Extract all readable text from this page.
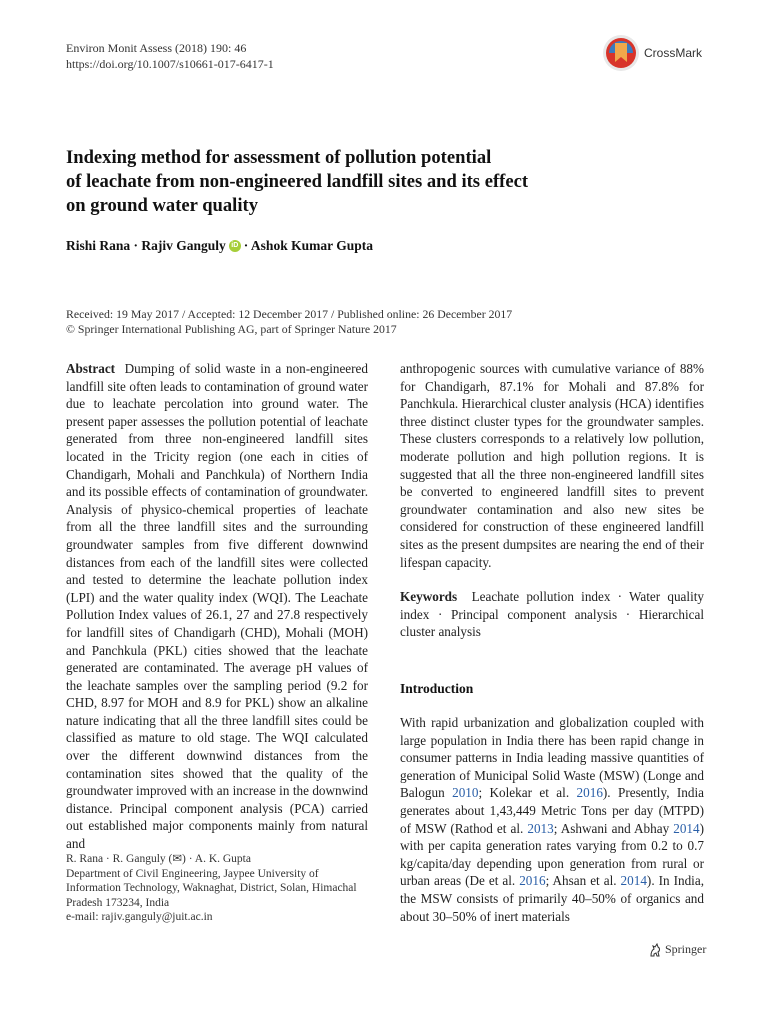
Environ Monit Assess (2018) 190: 46
https://doi.org/10.1007/s10661-017-6417-1
CrossMark
Indexing method for assessment of pollution potential
of leachate from non-engineered landfill sites and its effect
on ground water quality
Rishi Rana · Rajiv Ganguly iD · Ashok Kumar Gupta
Received: 19 May 2017 / Accepted: 12 December 2017 / Published online: 26 December 2017
© Springer International Publishing AG, part of Springer Nature 2017
Abstract Dumping of solid waste in a non-engineered landfill site often leads to contamination of ground water due to leachate percolation into ground water. The present paper assesses the pollution potential of leachate generated from three non-engineered landfill sites located in the Tricity region (one each in cities of Chandigarh, Mohali and Panchkula) of Northern India and its possible effects of contamination of groundwater. Analysis of physico-chemical properties of leachate from all the three landfill sites and the surrounding groundwater samples from five different downwind distances from each of the landfill sites were collected and tested to determine the leachate pollution index (LPI) and the water quality index (WQI). The Leachate Pollution Index values of 26.1, 27 and 27.8 respectively for landfill sites of Chandigarh (CHD), Mohali (MOH) and Panchkula (PKL) cities showed that the leachate generated are contaminated. The average pH values of the leachate samples over the sampling period (9.2 for CHD, 8.97 for MOH and 8.9 for PKL) show an alkaline nature indicating that all the three landfill sites could be classified as mature to old stage. The WQI calculated over the different downwind distances from the contamination sites showed that the quality of the groundwater improved with an increase in the downwind distance. Principal component analysis (PCA) carried out established major components mainly from natural and
anthropogenic sources with cumulative variance of 88% for Chandigarh, 87.1% for Mohali and 87.8% for Panchkula. Hierarchical cluster analysis (HCA) identifies three distinct cluster types for the groundwater samples. These clusters corresponds to a relatively low pollution, moderate pollution and high pollution regions. It is suggested that all the three non-engineered landfill sites be converted to engineered landfill sites to prevent groundwater contamination and also new sites be considered for construction of these engineered landfill sites as the present dumpsites are nearing the end of their lifespan capacity.
Keywords Leachate pollution index · Water quality index · Principal component analysis · Hierarchical cluster analysis
Introduction
With rapid urbanization and globalization coupled with large population in India there has been rapid change in consumer patterns in India leading massive quantities of generation of Municipal Solid Waste (MSW) (Longe and Balogun 2010; Kolekar et al. 2016). Presently, India generates about 1,43,449 Metric Tons per day (MTPD) of MSW (Rathod et al. 2013; Ashwani and Abhay 2014) with per capita generation rates varying from 0.2 to 0.7 kg/capita/day depending upon generation from rural or urban areas (De et al. 2016; Ahsan et al. 2014). In India, the MSW consists of primarily 40–50% of organics and about 30–50% of inert materials
R. Rana · R. Ganguly (✉) · A. K. Gupta
Department of Civil Engineering, Jaypee University of
Information Technology, Waknaghat, District, Solan, Himachal
Pradesh 173234, India
e-mail: rajiv.ganguly@juit.ac.in
Springer
